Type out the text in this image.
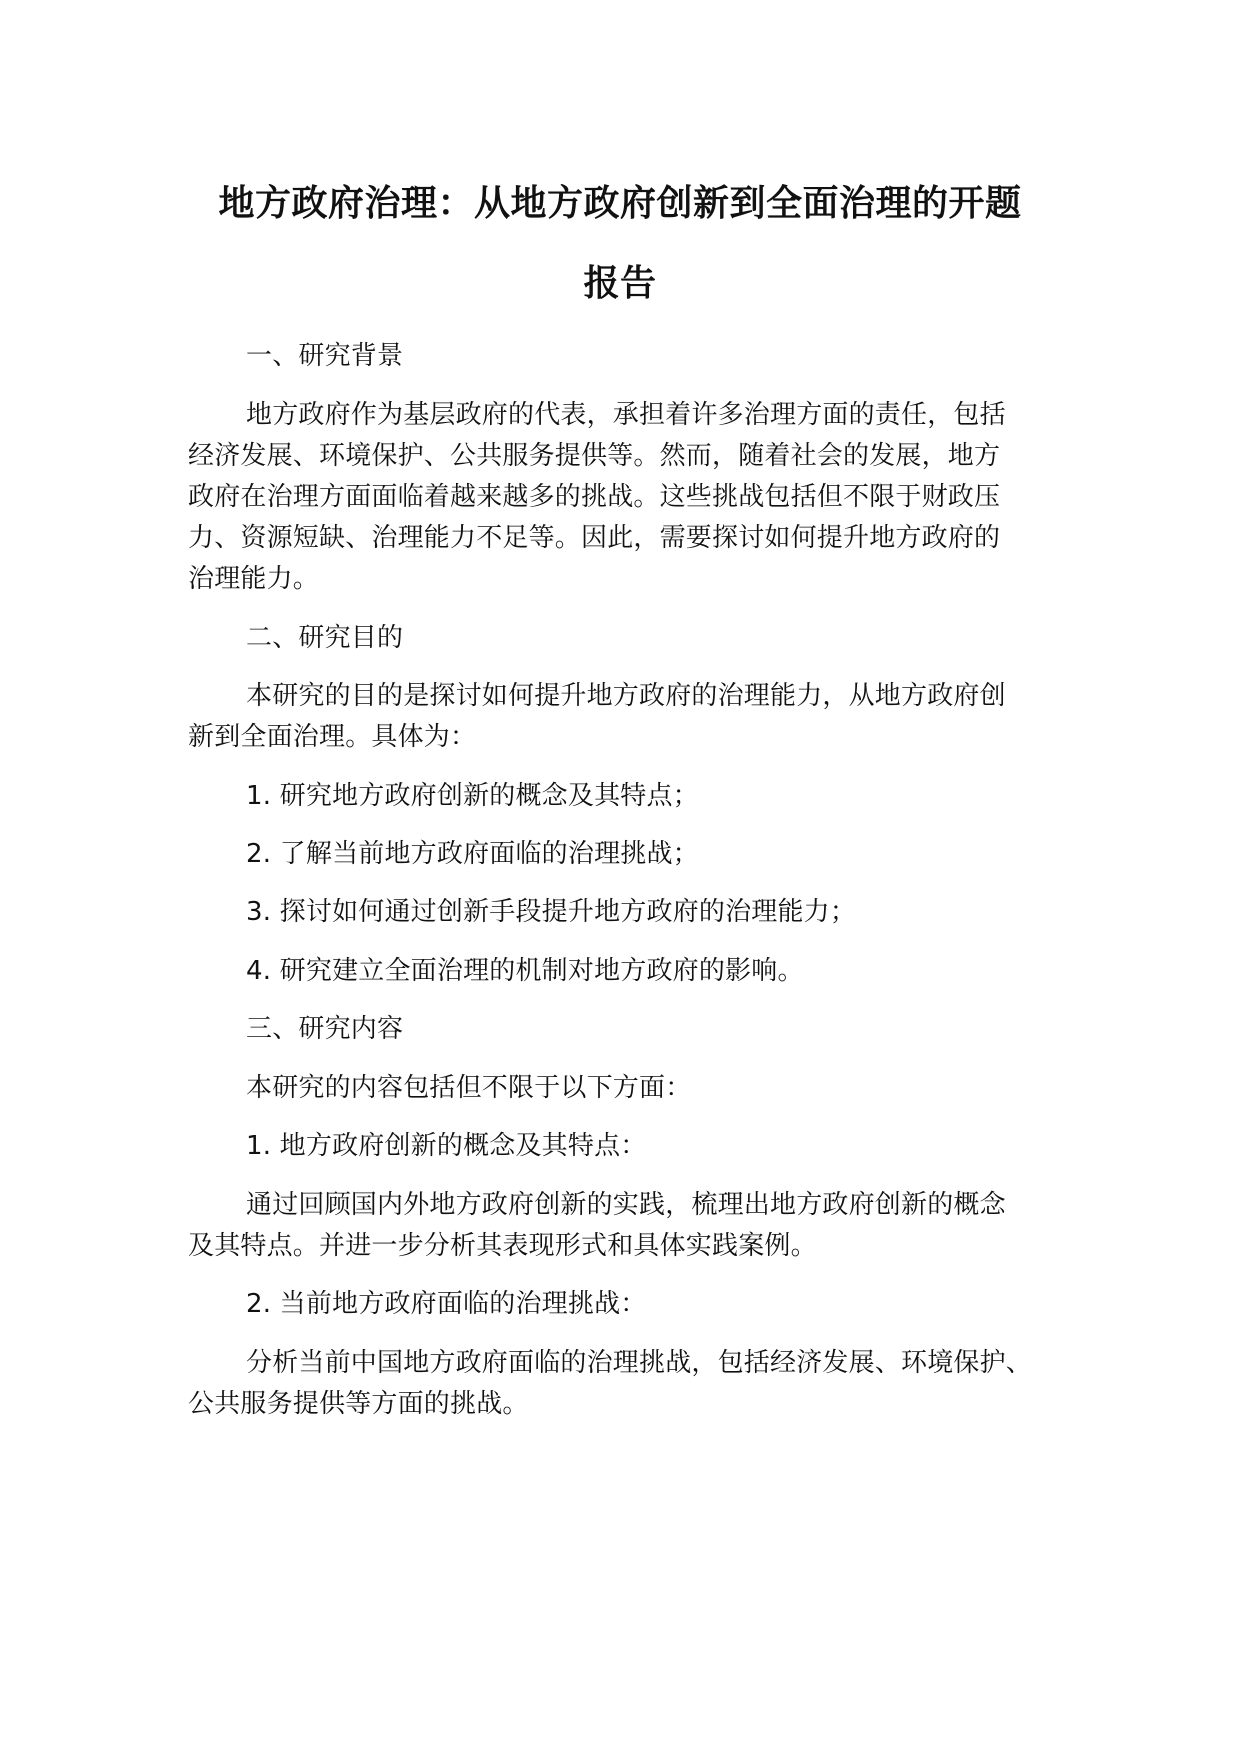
地方政府治理：从地方政府创新到全面治理的开题
报告
一、研究背景
地方政府作为基层政府的代表，承担着许多治理方面的责任，包括
经济发展、环境保护、公共服务提供等。然而，随着社会的发展，地方
政府在治理方面面临着越来越多的挑战。这些挑战包括但不限于财政压
力、资源短缺、治理能力不足等。因此，需要探讨如何提升地方政府的
治理能力。
二、研究目的
本研究的目的是探讨如何提升地方政府的治理能力，从地方政府创
新到全面治理。具体为：
1. 研究地方政府创新的概念及其特点；
2. 了解当前地方政府面临的治理挑战；
3. 探讨如何通过创新手段提升地方政府的治理能力；
4. 研究建立全面治理的机制对地方政府的影响。
三、研究内容
本研究的内容包括但不限于以下方面：
1. 地方政府创新的概念及其特点：
通过回顾国内外地方政府创新的实践，梳理出地方政府创新的概念
及其特点。并进一步分析其表现形式和具体实践案例。
2. 当前地方政府面临的治理挑战：
分析当前中国地方政府面临的治理挑战，包括经济发展、环境保护、
公共服务提供等方面的挑战。
